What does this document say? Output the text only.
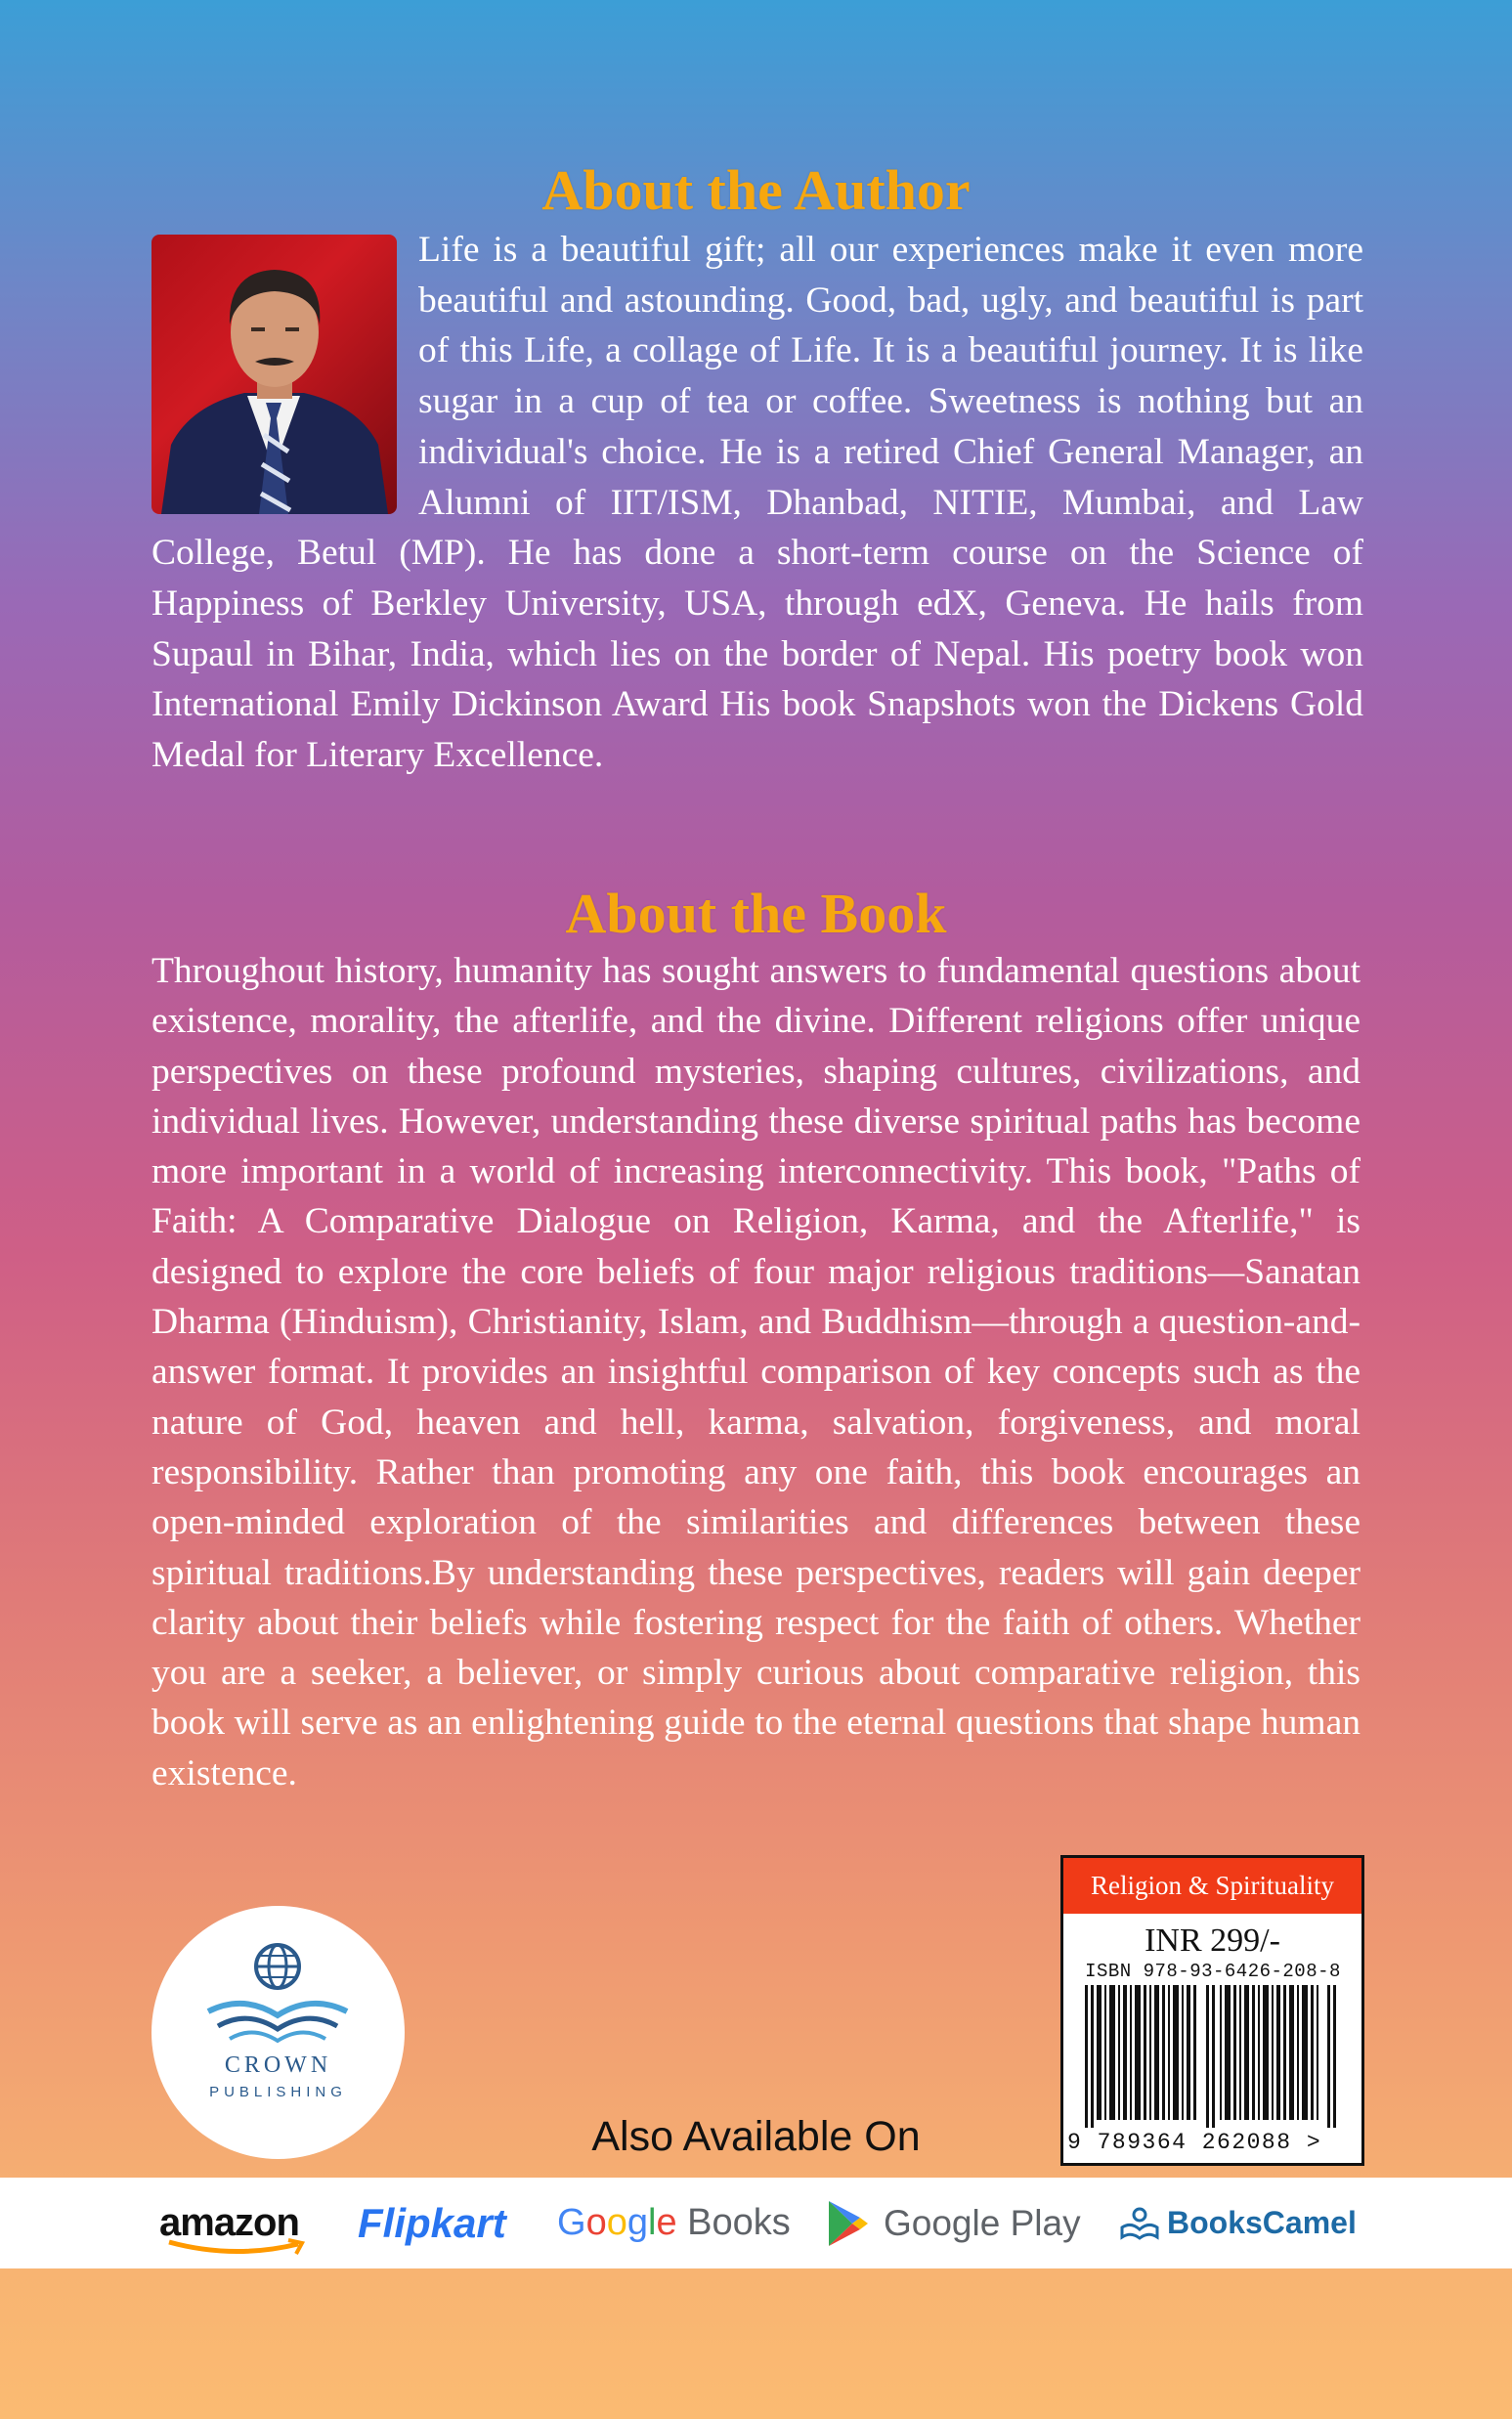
About the Author
Life is a beautiful gift; all our experiences make it even more beautiful and astounding. Good, bad, ugly, and beautiful is part of this Life, a collage of Life. It is a beautiful journey. It is like sugar in a cup of tea or coffee. Sweetness is nothing but an individual's choice. He is a retired Chief General Manager, an Alumni of IIT/ISM, Dhanbad, NITIE, Mumbai, and Law College, Betul (MP). He has done a short-term course on the Science of Happiness of Berkley University, USA, through edX, Geneva. He hails from Supaul in Bihar, India, which lies on the border of Nepal. His poetry book won International Emily Dickinson Award His book Snapshots won the Dickens Gold Medal for Literary Excellence.
About the Book
Throughout history, humanity has sought answers to fundamental questions about existence, morality, the afterlife, and the divine. Different religions offer unique perspectives on these profound mysteries, shaping cultures, civilizations, and individual lives. However, understanding these diverse spiritual paths has become more important in a world of increasing interconnectivity. This book, "Paths of Faith: A Comparative Dialogue on Religion, Karma, and the Afterlife," is designed to explore the core beliefs of four major religious traditions—Sanatan Dharma (Hinduism), Christianity, Islam, and Buddhism—through a question-and-answer format. It provides an insightful comparison of key concepts such as the nature of God, heaven and hell, karma, salvation, forgiveness, and moral responsibility. Rather than promoting any one faith, this book encourages an open-minded exploration of the similarities and differences between these spiritual traditions.By understanding these perspectives, readers will gain deeper clarity about their beliefs while fostering respect for the faith of others. Whether you are a seeker, a believer, or simply curious about comparative religion, this book will serve as an enlightening guide to the eternal questions that shape human existence.
CROWN
PUBLISHING
Religion & Spirituality
INR 299/-
ISBN 978-93-6426-208-8
9 789364 262088 >
Also Available On
amazon Flipkart Google
Books	Google Play	BooksCamel
